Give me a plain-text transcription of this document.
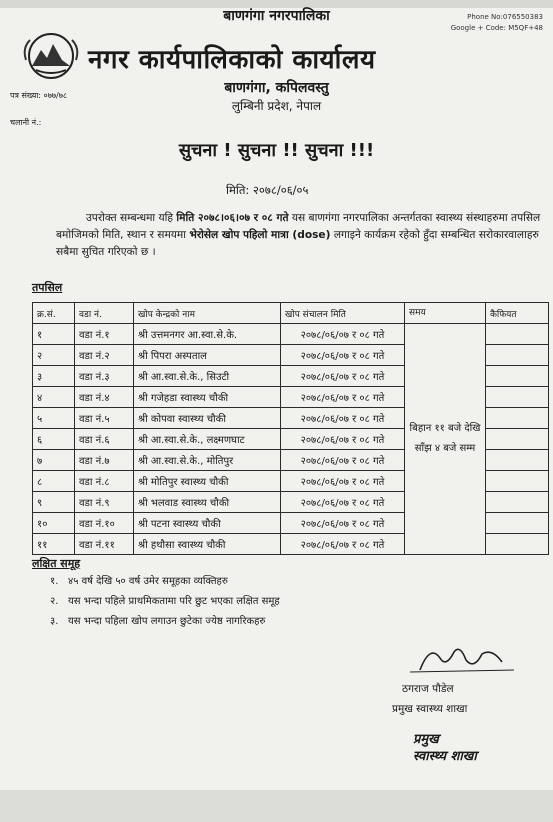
बाणगंगा नगरपालिका
नगर कार्यपालिकाको कार्यालय
बाणगंगा, कपिलवस्तु
लुम्बिनी प्रदेश, नेपाल
Phone No:076550383
Google + Code: M5QF+48
पत्र संख्या: ०७७/७८
चलानी नं.:
सुचना ! सुचना !! सुचना !!!
मिति: २०७८/०६/०५

उपरोक्त सम्बन्धमा यहि मिति २०७८।०६।०७ र ०८ गते यस बाणगंगा नगरपालिका अन्तर्गतका स्वास्थ्य संस्थाहरुमा तपसिल बमोजिमको मिति, स्थान र समयमा भेरोसेल खोप पहिलो मात्रा (dose) लगाइने कार्यक्रम रहेको हुँदा सम्बन्धित सरोकारवालाहरु सबैमा सुचित गरिएको छ ।

तपसिल
क्र.सं.	वडा नं.	खोप केन्द्रको नाम	खोप संचालन मिति	समय	कैफियत
१	वडा नं.१	श्री उत्तमनगर आ.स्वा.से.के.	२०७८/०६/०७ र ०८ गते	बिहान ११ बजे देखि साँझ ४ बजे सम्म	
२	वडा नं.२	श्री पिपरा अस्पताल	२०७८/०६/०७ र ०८ गते		
३	वडा नं.३	श्री आ.स्वा.से.के., सिउटी	२०७८/०६/०७ र ०८ गते		
४	वडा नं.४	श्री गजेहडा स्वास्थ्य चौकी	२०७८/०६/०७ र ०८ गते		
५	वडा नं.५	श्री कोपवा स्वास्थ्य चौकी	२०७८/०६/०७ र ०८ गते		
६	वडा नं.६	श्री आ.स्वा.से.के., लक्ष्मणघाट	२०७८/०६/०७ र ०८ गते		
७	वडा नं.७	श्री आ.स्वा.से.के., मोतिपुर	२०७८/०६/०७ र ०८ गते		
८	वडा नं.८	श्री मोतिपुर स्वास्थ्य चौकी	२०७८/०६/०७ र ०८ गते		
९	वडा नं.९	श्री भलवाड स्वास्थ्य चौकी	२०७८/०६/०७ र ०८ गते		
१०	वडा नं.१०	श्री पटना स्वास्थ्य चौकी	२०७८/०६/०७ र ०८ गते		
११	वडा नं.११	श्री हथौसा स्वास्थ्य चौकी	२०७८/०६/०७ र ०८ गते		
लक्षित समूह
१. ४५ वर्ष देखि ५० वर्ष उमेर समूहका व्यक्तिहरु
२. यस भन्दा पहिले प्राथमिकतामा परि छुट भएका लक्षित समूह
३. यस भन्दा पहिला खोप लगाउन छुटेका ज्येष्ठ नागरिकहरु
ठगराज पौडेल
प्रमुख स्वास्थ्य शाखा
प्रमुख
स्वास्थ्य शाखा
